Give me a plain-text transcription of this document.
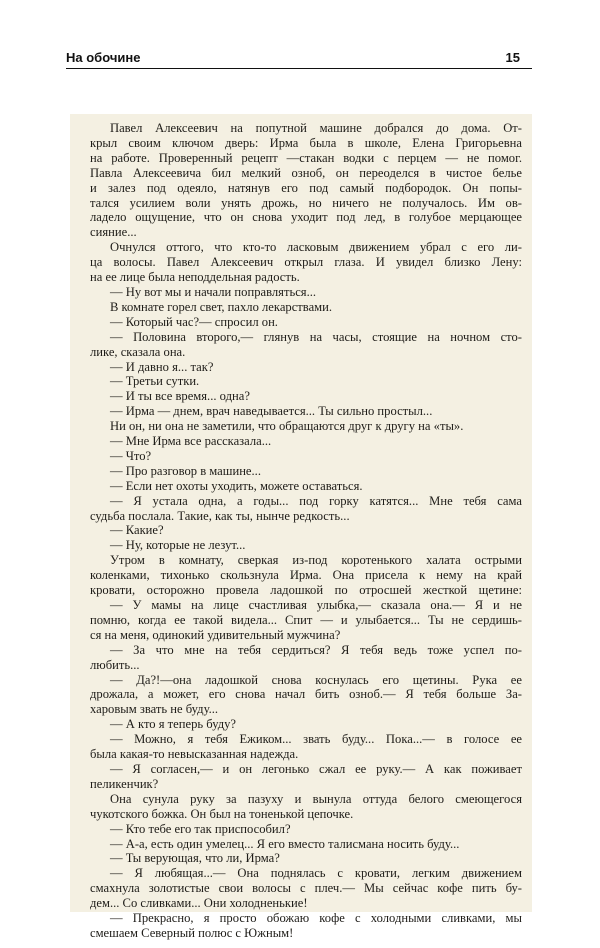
На обочине	15
Павел Алексеевич на попутной машине добрался до дома. От-
крыл своим ключом дверь: Ирма была в школе, Елена Григорьевна
на работе. Проверенный рецепт —стакан водки с перцем — не помог.
Павла Алексеевича бил мелкий озноб, он переоделся в чистое белье
и залез под одеяло, натянув его под самый подбородок. Он попы-
тался усилием воли унять дрожь, но ничего не получалось. Им ов-
ладело ощущение, что он снова уходит под лед, в голубое мерцающее
сияние...
Очнулся оттого, что кто-то ласковым движением убрал с его ли-
ца волосы. Павел Алексеевич открыл глаза. И увидел близко Лену:
на ее лице была неподдельная радость.
— Ну вот мы и начали поправляться...
В комнате горел свет, пахло лекарствами.
— Который час?— спросил он.
— Половина второго,— глянув на часы, стоящие на ночном сто-
лике, сказала она.
— И давно я... так?
— Третьи сутки.
— И ты все время... одна?
— Ирма — днем, врач наведывается... Ты сильно простыл...
Ни он, ни она не заметили, что обращаются друг к другу на «ты».
— Мне Ирма все рассказала...
— Что?
— Про разговор в машине...
— Если нет охоты уходить, можете оставаться.
— Я устала одна, а годы... под горку катятся... Мне тебя сама
судьба послала. Такие, как ты, нынче редкость...
— Какие?
— Ну, которые не лезут...
Утром в комнату, сверкая из-под коротенького халата острыми
коленками, тихонько скользнула Ирма. Она присела к нему на край
кровати, осторожно провела ладошкой по отросшей жесткой щетине:
— У мамы на лице счастливая улыбка,— сказала она.— Я и не
помню, когда ее такой видела... Спит — и улыбается... Ты не сердишь-
ся на меня, одинокий удивительный мужчина?
— За что мне на тебя сердиться? Я тебя ведь тоже успел по-
любить...
— Да?!—она ладошкой снова коснулась его щетины. Рука ее
дрожала, а может, его снова начал бить озноб.— Я тебя больше За-
харовым звать не буду...
— А кто я теперь буду?
— Можно, я тебя Ежиком... звать буду... Пока...— в голосе ее
была какая-то невысказанная надежда.
— Я согласен,— и он легонько сжал ее руку.— А как поживает
пеликенчик?
Она сунула руку за пазуху и вынула оттуда белого смеющегося
чукотского божка. Он был на тоненькой цепочке.
— Кто тебе его так приспособил?
— А-а, есть один умелец... Я его вместо талисмана носить буду...
— Ты верующая, что ли, Ирма?
— Я любящая...— Она поднялась с кровати, легким движением
смахнула золотистые свои волосы с плеч.— Мы сейчас кофе пить бу-
дем... Со сливками... Они холодненькие!
— Прекрасно, я просто обожаю кофе с холодными сливками, мы
смешаем Северный полюс с Южным!
